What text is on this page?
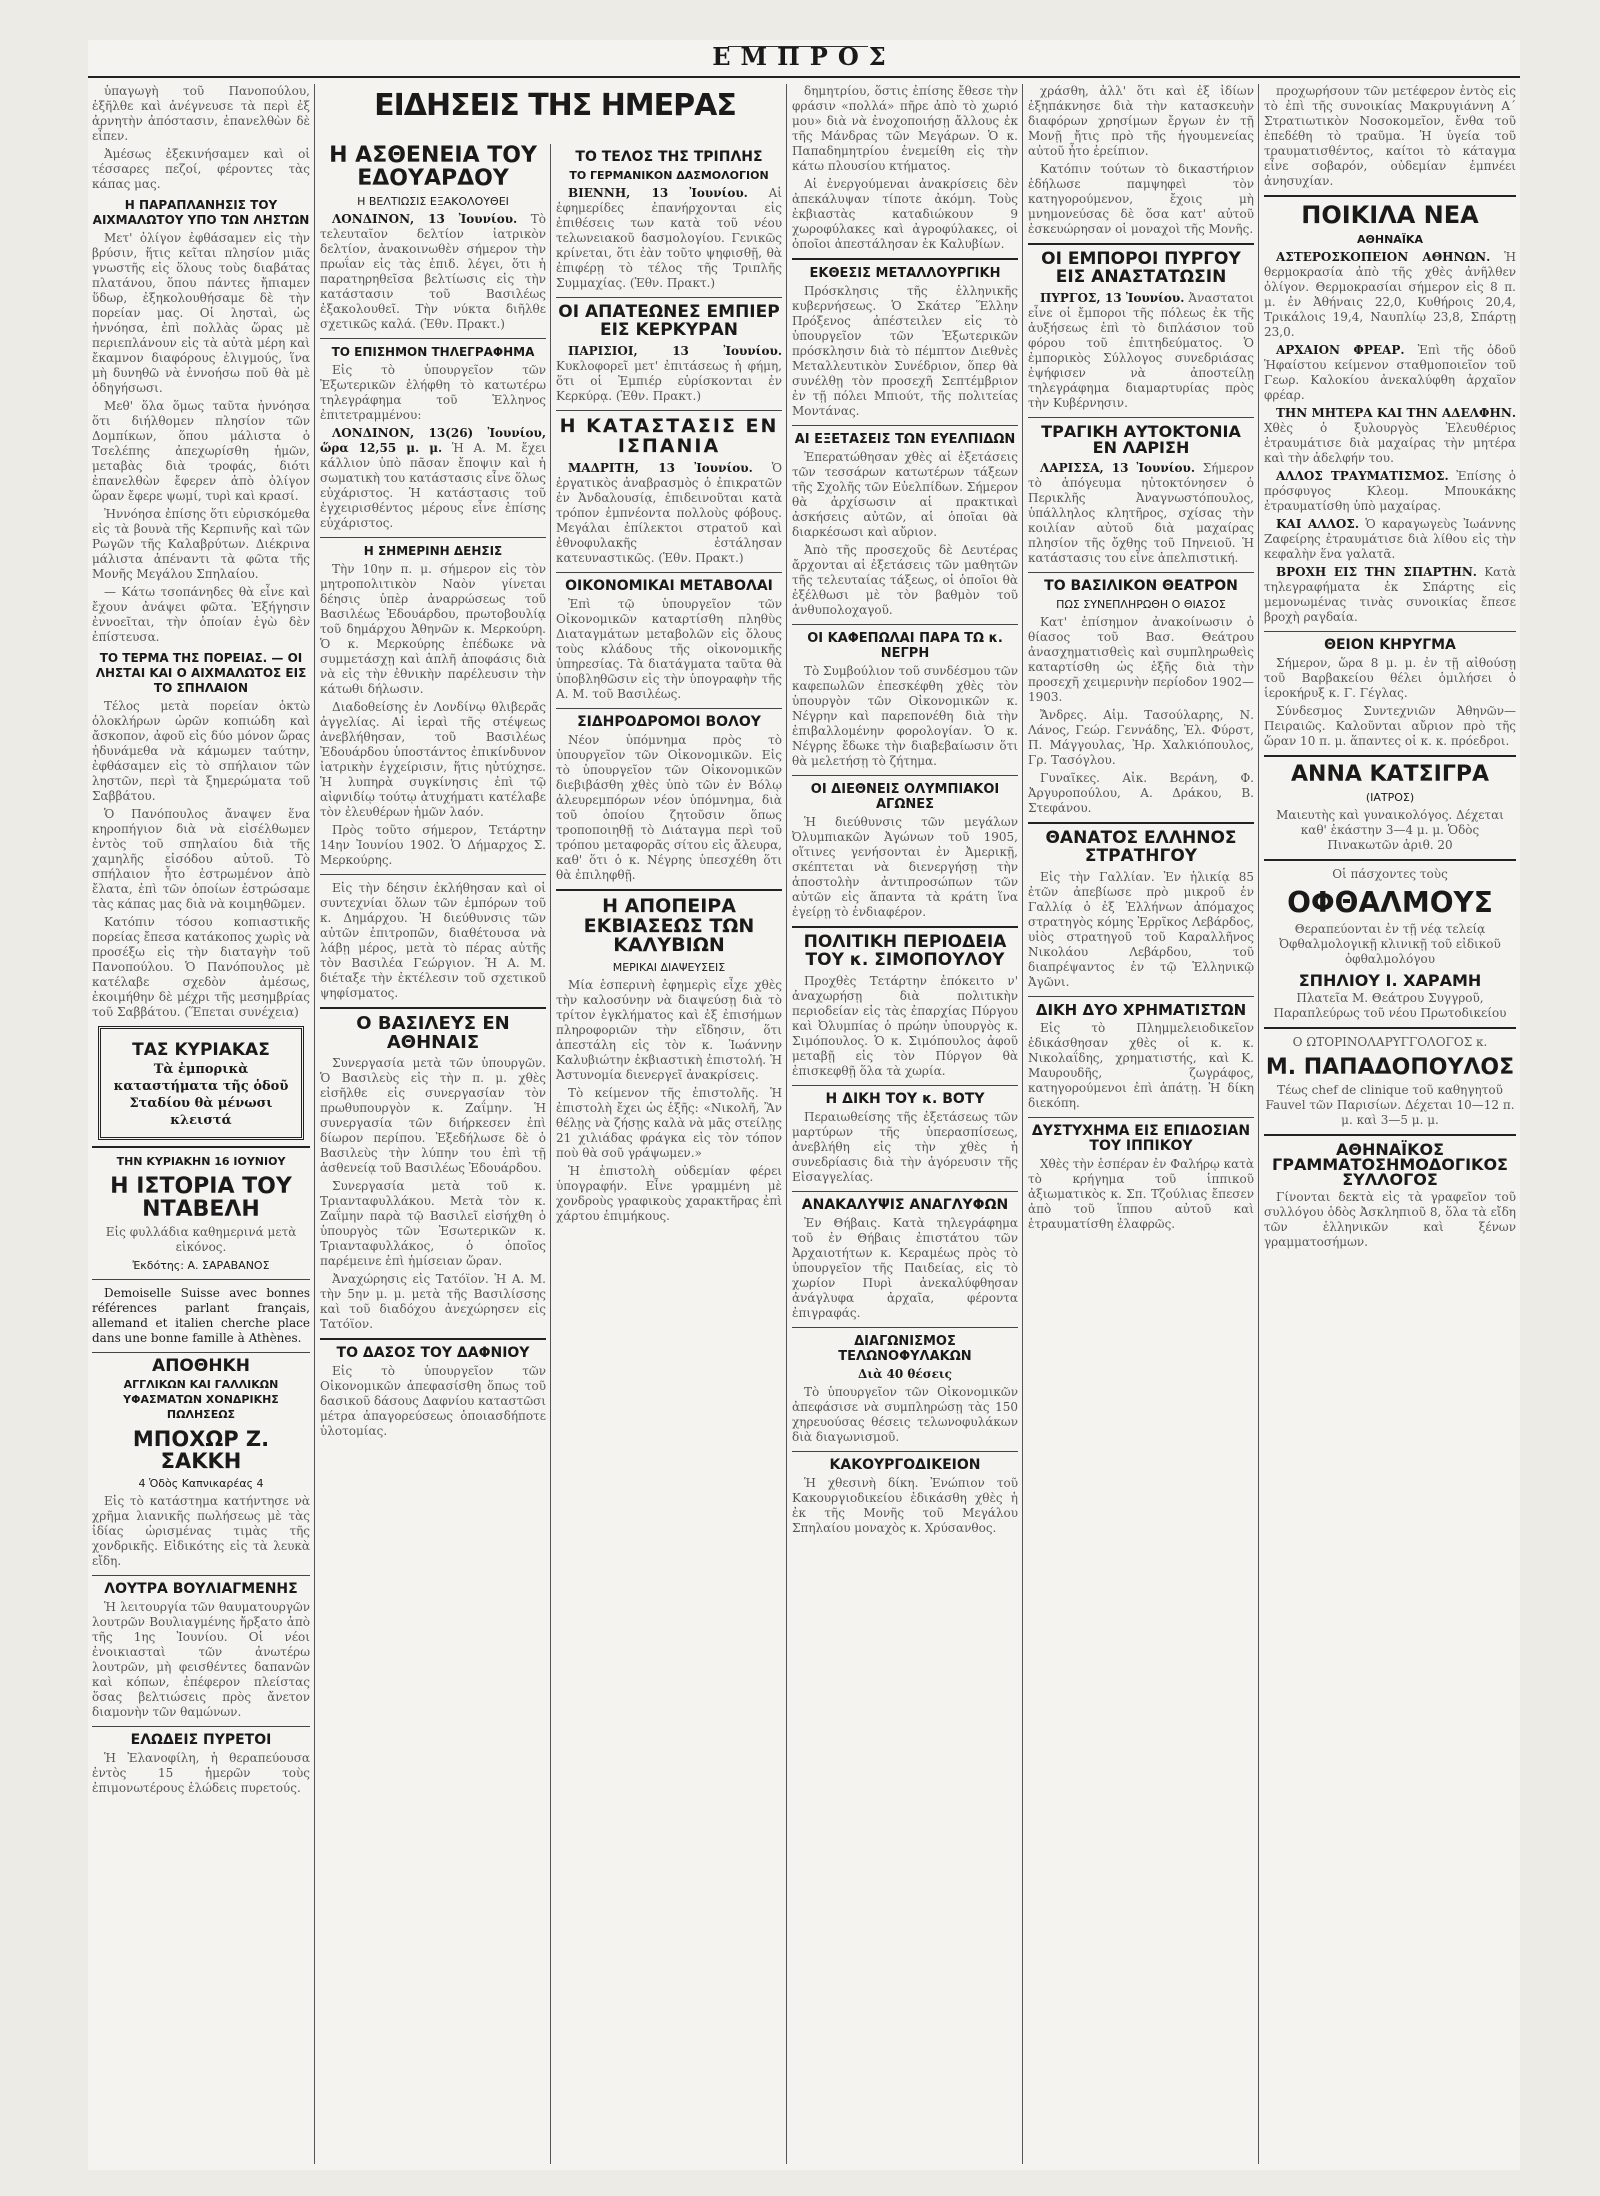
ΕΜΠΡΟΣ

ὑπαγωγὴ τοῦ Πανοπούλου, ἐξῆλθε καὶ ἀνέγνευσε τὰ περὶ ἐξ ἀρνητὴν ἀπόστασιν, ἐπανελθὼν δὲ εἶπεν.

Ἀμέσως ἐξεκινήσαμεν καὶ οἱ τέσσαρες πεζοί, φέροντες τὰς κάπας μας.

Η ΠΑΡΑΠΛΑΝΗΣΙΣ ΤΟΥ ΑΙΧΜΑΛΩΤΟΥ ΥΠΟ ΤΩΝ ΛΗΣΤΩΝ

Μετ' ὀλίγον ἐφθάσαμεν εἰς τὴν βρύσιν, ἥτις κεῖται πλησίον μιᾶς γνωστῆς εἰς ὅλους τοὺς διαβάτας πλατάνου, ὅπου πάντες ἤπιαμεν ὕδωρ, ἐξηκολουθήσαμε δὲ τὴν πορείαν μας. Οἱ λησταὶ, ὡς ἠννόησα, ἐπὶ πολλὰς ὥρας μὲ περιεπλάνουν εἰς τὰ αὐτὰ μέρη καὶ ἔκαμνον διαφόρους ἑλιγμούς, ἵνα μὴ δυνηθῶ νὰ ἐννοήσω ποῦ θὰ μὲ ὁδηγήσωσι.

Μεθ' ὅλα ὅμως ταῦτα ἠννόησα ὅτι διήλθομεν πλησίον τῶν Δομπίκων, ὅπου μάλιστα ὁ Τσελέπης ἀπεχωρίσθη ἡμῶν, μεταβὰς διὰ τροφάς, διότι ἐπανελθὼν ἔφερεν ἀπὸ ὀλίγον ὥραν ἔφερε ψωμί, τυρὶ καὶ κρασί.

Ἠννόησα ἐπίσης ὅτι εὑρισκόμεθα εἰς τὰ βουνὰ τῆς Κερπινῆς καὶ τῶν Ρωγῶν τῆς Καλαβρύτων. Διέκρινα μάλιστα ἀπέναντι τὰ φῶτα τῆς Μονῆς Μεγάλου Σπηλαίου.

— Κάτω τσοπάνηδες θὰ εἶνε καὶ ἔχουν ἀνάψει φῶτα. Ἐξήγησιν ἐννοεῖται, τὴν ὁποίαν ἐγὼ δὲν ἐπίστευσα.

ΤΟ ΤΕΡΜΑ ΤΗΣ ΠΟΡΕΙΑΣ. — ΟΙ ΛΗΣΤΑΙ ΚΑΙ Ο ΑΙΧΜΑΛΩΤΟΣ ΕΙΣ ΤΟ ΣΠΗΛΑΙΟΝ

Τέλος μετὰ πορείαν ὀκτὼ ὁλοκλήρων ὡρῶν κοπιώδη καὶ ἄσκοπον, ἀφοῦ εἰς δύο μόνον ὥρας ἠδυνάμεθα νὰ κάμωμεν ταύτην, ἐφθάσαμεν εἰς τὸ σπήλαιον τῶν ληστῶν, περὶ τὰ ξημερώματα τοῦ Σαββάτου.

Ὁ Πανόπουλος ἄναψεν ἕνα κηροπήγιον διὰ νὰ εἰσέλθωμεν ἐντὸς τοῦ σπηλαίου διὰ τῆς χαμηλῆς εἰσόδου αὐτοῦ. Τὸ σπήλαιον ἦτο ἐστρωμένον ἀπὸ ἔλατα, ἐπὶ τῶν ὁποίων ἐστρώσαμε τὰς κάπας μας διὰ νὰ κοιμηθῶμεν.

Κατόπιν τόσου κοπιαστικῆς πορείας ἔπεσα κατάκοπος χωρὶς νὰ προσέξω εἰς τὴν διαταγὴν τοῦ Πανοπούλου. Ὁ Πανόπουλος μὲ κατέλαβε σχεδὸν ἀμέσως, ἐκοιμήθην δὲ μέχρι τῆς μεσημβρίας τοῦ Σαββάτου. (Ἕπεται συνέχεια)

ΤΑΣ ΚΥΡΙΑΚΑΣ
Τὰ ἐμπορικὰ καταστήματα τῆς ὁδοῦ Σταδίου θὰ μένωσι κλειστά
ΤΗΝ ΚΥΡΙΑΚΗΝ 16 ΙΟΥΝΙΟΥ
Η ΙΣΤΟΡΙΑ ΤΟΥ ΝΤΑΒΕΛΗ

Εἰς φυλλάδια καθημερινά μετὰ εἰκόνος.

Ἐκδότης: Α. ΣΑΡΑΒΑΝΟΣ

Demoiselle Suisse avec bonnes références parlant français, allemand et italien cherche place dans une bonne famille à Athènes.

ΑΠΟΘΗΚΗ
ΑΓΓΛΙΚΩΝ ΚΑΙ ΓΑΛΛΙΚΩΝ ΥΦΑΣΜΑΤΩΝ ΧΟΝΔΡΙΚΗΣ ΠΩΛΗΣΕΩΣ
ΜΠΟΧΩΡ Ζ. ΣΑΚΚΗ
4 Ὁδὸς Καπνικαρέας 4

Εἰς τὸ κατάστημα κατήντησε νὰ χρῆμα λιανικῆς πωλήσεως μὲ τὰς ἰδίας ὡρισμένας τιμὰς τῆς χονδρικῆς. Εἰδικότης εἰς τὰ λευκὰ εἴδη.

ΛΟΥΤΡΑ ΒΟΥΛΙΑΓΜΕΝΗΣ

Ἡ λειτουργία τῶν θαυματουργῶν λουτρῶν Βουλιαγμένης ἤρξατο ἀπὸ τῆς 1ης Ἰουνίου. Οἱ νέοι ἐνοικιασταὶ τῶν ἀνωτέρω λουτρῶν, μὴ φεισθέντες δαπανῶν καὶ κόπων, ἐπέφερον πλείστας ὅσας βελτιώσεις πρὸς ἄνετον διαμονὴν τῶν θαμώνων.

ΕΛΩΔΕΙΣ ΠΥΡΕΤΟΙ

Ἡ Ἐλανοφίλη, ἡ θεραπεύουσα ἐντὸς 15 ἡμερῶν τοὺς ἐπιμονωτέρους ἑλώδεις πυρετούς.

ΕΙΔΗΣΕΙΣ ΤΗΣ ΗΜΕΡΑΣ
Η ΑΣΘΕΝΕΙΑ ΤΟΥ ΕΔΟΥΑΡΔΟΥ
Η ΒΕΛΤΙΩΣΙΣ ΕΞΑΚΟΛΟΥΘΕΙ

ΛΟΝΔΙΝΟΝ, 13 Ἰουνίου. Τὸ τελευταῖον δελτίον ἰατρικὸν δελτίον, ἀνακοινωθὲν σήμερον τὴν πρωΐαν εἰς τὰς ἐπιδ. λέγει, ὅτι ἡ παρατηρηθεῖσα βελτίωσις εἰς τὴν κατάστασιν τοῦ Βασιλέως ἐξακολουθεῖ. Τὴν νύκτα διῆλθε σχετικῶς καλά. (Ἑθν. Πρακτ.)

ΤΟ ΕΠΙΣΗΜΟΝ ΤΗΛΕΓΡΑΦΗΜΑ

Εἰς τὸ ὑπουργεῖον τῶν Ἐξωτερικῶν ἐλήφθη τὸ κατωτέρω τηλεγράφημα τοῦ Ἑλληνος ἐπιτετραμμένου:

ΛΟΝΔΙΝΟΝ, 13(26) Ἰουνίου, ὥρα 12,55 μ. μ. Ἡ Α. Μ. ἔχει κάλλιον ὑπὸ πᾶσαν ἔποψιν καὶ ἡ σωματικὴ του κατάστασις εἶνε ὅλως εὐχάριστος. Ἡ κατάστασις τοῦ ἐγχειρισθέντος μέρους εἶνε ἐπίσης εὐχάριστος.

Η ΣΗΜΕΡΙΝΗ ΔΕΗΣΙΣ

Τὴν 10ην π. μ. σήμερον εἰς τὸν μητροπολιτικὸν Ναὸν γίνεται δέησις ὑπὲρ ἀναρρώσεως τοῦ Βασιλέως Ἐδουάρδου, πρωτοβουλίᾳ τοῦ δημάρχου Ἀθηνῶν κ. Μερκούρη. Ὁ κ. Μερκούρης ἐπέδωκε νὰ συμμετάσχῃ καὶ ἁπλῆ ἀποφάσις διὰ νὰ εἰς τὴν ἐθνικὴν παρέλευσιν τὴν κάτωθι δήλωσιν.

Διαδοθείσης ἐν Λονδίνῳ θλιβερᾶς ἀγγελίας. Αἱ ἱεραὶ τῆς στέψεως ἀνεβλήθησαν, τοῦ Βασιλέως Ἐδουάρδου ὑποστάντος ἐπικίνδυνον ἰατρικὴν ἐγχείρισιν, ἥτις ηὐτύχησε. Ἡ λυπηρὰ συγκίνησις ἐπὶ τῷ αἰφνιδίῳ τούτῳ ἀτυχήματι κατέλαβε τὸν ἐλευθέρων ἡμῶν λαόν.

Πρὸς τοῦτο σήμερον, Τετάρτην 14ην Ἰουνίου 1902. Ὁ Δήμαρχος Σ. Μερκούρης.

Εἰς τὴν δέησιν ἐκλήθησαν καὶ οἱ συντεχνίαι ὅλων τῶν ἐμπόρων τοῦ κ. Δημάρχου. Ἡ διεύθυνσις τῶν αὐτῶν ἐπιτροπῶν, διαθέτουσα νὰ λάβῃ μέρος, μετὰ τὸ πέρας αὐτῆς τὸν Βασιλέα Γεώργιον. Ἡ Α. Μ. διέταξε τὴν ἐκτέλεσιν τοῦ σχετικοῦ ψηφίσματος.

Ο ΒΑΣΙΛΕΥΣ ΕΝ ΑΘΗΝΑΙΣ

Συνεργασία μετὰ τῶν ὑπουργῶν. Ὁ Βασιλεὺς εἰς τὴν π. μ. χθὲς εἰσῆλθε εἰς συνεργασίαν τὸν πρωθυπουργὸν κ. Ζαΐμην. Ἡ συνεργασία τῶν διήρκεσεν ἐπὶ δίωρον περίπου. Ἐξεδήλωσε δὲ ὁ Βασιλεὺς τὴν λύπην του ἐπὶ τῇ ἀσθενείᾳ τοῦ Βασιλέως Ἐδουάρδου.

Συνεργασία μετὰ τοῦ κ. Τριανταφυλλάκου. Μετὰ τὸν κ. Ζαΐμην παρὰ τῷ Βασιλεῖ εἰσήχθη ὁ ὑπουργὸς τῶν Ἐσωτερικῶν κ. Τριανταφυλλάκος, ὁ ὁποῖος παρέμεινε ἐπὶ ἡμίσειαν ὥραν.

Ἀναχώρησις εἰς Τατόϊον. Ἡ Α. Μ. τὴν 5ην μ. μ. μετὰ τῆς Βασιλίσσης καὶ τοῦ διαδόχου ἀνεχώρησεν εἰς Τατόϊον.

ΤΟ ΔΑΣΟΣ ΤΟΥ ΔΑΦΝΙΟΥ

Εἰς τὸ ὑπουργεῖον τῶν Οἰκονομικῶν ἀπεφασίσθη ὅπως τοῦ δασικοῦ δάσους Δαφνίου καταστῶσι μέτρα ἀπαγορεύσεως ὁποιασδήποτε ὑλοτομίας.

ΤΟ ΤΕΛΟΣ ΤΗΣ ΤΡΙΠΛΗΣ
ΤΟ ΓΕΡΜΑΝΙΚΟΝ ΔΑΣΜΟΛΟΓΙΟΝ

ΒΙΕΝΝΗ, 13 Ἰουνίου. Αἱ ἐφημερίδες ἐπανήρχονται εἰς ἐπιθέσεις των κατὰ τοῦ νέου τελωνειακοῦ δασμολογίου. Γενικῶς κρίνεται, ὅτι ἐὰν τοῦτο ψηφισθῇ, θὰ ἐπιφέρῃ τὸ τέλος τῆς Τριπλῆς Συμμαχίας. (Ἑθν. Πρακτ.)

ΟΙ ΑΠΑΤΕΩΝΕΣ ΕΜΠΙΕΡ ΕΙΣ ΚΕΡΚΥΡΑΝ

ΠΑΡΙΣΙΟΙ, 13 Ἰουνίου. Κυκλοφορεῖ μετ' ἐπιτάσεως ἡ φήμη, ὅτι οἱ Ἐμπιέρ εὑρίσκονται ἐν Κερκύρᾳ. (Ἑθν. Πρακτ.)

Η ΚΑΤΑΣΤΑΣΙΣ ΕΝ ΙΣΠΑΝΙΑ

ΜΑΔΡΙΤΗ, 13 Ἰουνίου. Ὁ ἐργατικὸς ἀναβρασμὸς ὁ ἐπικρατῶν ἐν Ἀνδαλουσίᾳ, ἐπιδεινοῦται κατὰ τρόπον ἐμπνέοντα πολλοὺς φόβους. Μεγάλαι ἐπίλεκτοι στρατοῦ καὶ ἐθνοφυλακῆς ἐστάλησαν κατευναστικῶς. (Ἑθν. Πρακτ.)

ΟΙΚΟΝΟΜΙΚΑΙ ΜΕΤΑΒΟΛΑΙ

Ἐπὶ τῷ ὑπουργεῖον τῶν Οἰκονομικῶν καταρτίσθη πληθὺς Διαταγμάτων μεταβολῶν εἰς ὅλους τοὺς κλάδους τῆς οἰκονομικῆς ὑπηρεσίας. Τὰ διατάγματα ταῦτα θὰ ὑποβληθῶσιν εἰς τὴν ὑπογραφὴν τῆς Α. Μ. τοῦ Βασιλέως.

ΣΙΔΗΡΟΔΡΟΜΟΙ ΒΟΛΟΥ

Νέον ὑπόμνημα πρὸς τὸ ὑπουργεῖον τῶν Οἰκονομικῶν. Εἰς τὸ ὑπουργεῖον τῶν Οἰκονομικῶν διεβιβάσθη χθὲς ὑπὸ τῶν ἐν Βόλῳ ἀλευρεμπόρων νέον ὑπόμνημα, διὰ τοῦ ὁποίου ζητοῦσιν ὅπως τροποποιηθῇ τὸ Διάταγμα περὶ τοῦ τρόπου μεταφορᾶς σίτου εἰς ἄλευρα, καθ' ὅτι ὁ κ. Νέγρης ὑπεσχέθη ὅτι θὰ ἐπιληφθῇ.

Η ΑΠΟΠΕΙΡΑ ΕΚΒΙΑΣΕΩΣ ΤΩΝ ΚΑΛΥΒΙΩΝ
ΜΕΡΙΚΑΙ ΔΙΑΨΕΥΣΕΙΣ

Μία ἑσπερινὴ ἐφημερὶς εἶχε χθὲς τὴν καλοσύνην νὰ διαψεύσῃ διὰ τὸ τρίτον ἐγκλήματος καὶ ἐξ ἐπισήμων πληροφοριῶν τὴν εἴδησιν, ὅτι ἀπεστάλη εἰς τὸν κ. Ἰωάννην Καλυβιώτην ἐκβιαστικὴ ἐπιστολή. Ἡ Ἀστυνομία διενεργεῖ ἀνακρίσεις.

Τὸ κείμενον τῆς ἐπιστολῆς. Ἡ ἐπιστολὴ ἔχει ὡς ἑξῆς: «Νικολῆ, Ἂν θέλῃς νὰ ζήσῃς καλὰ νὰ μᾶς στείλῃς 21 χιλιάδας φράγκα εἰς τὸν τόπον ποὺ θὰ σοῦ γράψωμεν.»

Ἡ ἐπιστολὴ οὐδεμίαν φέρει ὑπογραφήν. Εἶνε γραμμένη μὲ χονδροὺς γραφικοὺς χαρακτῆρας ἐπὶ χάρτου ἐπιμήκους.

δημητρίου, ὅστις ἐπίσης ἔθεσε τὴν φράσιν «πολλά» πῆρε ἀπὸ τὸ χωριό μου» διὰ νὰ ἐνοχοποιήσῃ ἄλλους ἐκ τῆς Μάνδρας τῶν Μεγάρων. Ὁ κ. Παπαδημητρίου ἐνεμείθη εἰς τὴν κάτω πλουσίου κτήματος.

Αἱ ἐνεργούμεναι ἀνακρίσεις δὲν ἀπεκάλυψαν τίποτε ἀκόμη. Τοὺς ἐκβιαστὰς καταδιώκουν 9 χωροφύλακες καὶ ἀγροφύλακες, οἱ ὁποῖοι ἀπεστάλησαν ἐκ Καλυβίων.

ΕΚΘΕΣΙΣ ΜΕΤΑΛΛΟΥΡΓΙΚΗ

Πρόσκλησις τῆς ἑλληνικῆς κυβερνήσεως. Ὁ Σκάτερ Ἕλλην Πρόξενος ἀπέστειλεν εἰς τὸ ὑπουργεῖον τῶν Ἐξωτερικῶν πρόσκλησιν διὰ τὸ πέμπτον Διεθνὲς Μεταλλευτικὸν Συνέδριον, ὅπερ θὰ συνέλθῃ τὸν προσεχῆ Σεπτέμβριον ἐν τῇ πόλει Μπιούτ, τῆς πολιτείας Μοντάνας.

ΑΙ ΕΞΕΤΑΣΕΙΣ ΤΩΝ ΕΥΕΛΠΙΔΩΝ

Ἐπερατώθησαν χθὲς αἱ ἐξετάσεις τῶν τεσσάρων κατωτέρων τάξεων τῆς Σχολῆς τῶν Εὐελπίδων. Σήμερον θὰ ἀρχίσωσιν αἱ πρακτικαὶ ἀσκήσεις αὐτῶν, αἱ ὁποῖαι θὰ διαρκέσωσι καὶ αὔριον.

Ἀπὸ τῆς προσεχοῦς δὲ Δευτέρας ἄρχονται αἱ ἐξετάσεις τῶν μαθητῶν τῆς τελευταίας τάξεως, οἱ ὁποῖοι θὰ ἐξέλθωσι μὲ τὸν βαθμὸν τοῦ ἀνθυπολοχαγοῦ.

ΟΙ ΚΑΦΕΠΩΛΑΙ ΠΑΡΑ ΤΩ κ. ΝΕΓΡΗ

Τὸ Συμβούλιον τοῦ συνδέσμου τῶν καφεπωλῶν ἐπεσκέφθη χθὲς τὸν ὑπουργὸν τῶν Οἰκονομικῶν κ. Νέγρην καὶ παρεπονέθη διὰ τὴν ἐπιβαλλομένην φορολογίαν. Ὁ κ. Νέγρης ἔδωκε τὴν διαβεβαίωσιν ὅτι θὰ μελετήσῃ τὸ ζήτημα.

ΟΙ ΔΙΕΘΝΕΙΣ ΟΛΥΜΠΙΑΚΟΙ ΑΓΩΝΕΣ

Ἡ διεύθυνσις τῶν μεγάλων Ὀλυμπιακῶν Ἀγώνων τοῦ 1905, οἵτινες γενήσονται ἐν Ἀμερικῇ, σκέπτεται νὰ διενεργήσῃ τὴν ἀποστολὴν ἀντιπροσώπων τῶν αὐτῶν εἰς ἅπαντα τὰ κράτη ἵνα ἐγείρῃ τὸ ἐνδιαφέρον.

ΠΟΛΙΤΙΚΗ ΠΕΡΙΟΔΕΙΑ ΤΟΥ κ. ΣΙΜΟΠΟΥΛΟΥ

Προχθὲς Τετάρτην ἐπόκειτο ν' ἀναχωρήσῃ διὰ πολιτικὴν περιοδείαν εἰς τὰς ἐπαρχίας Πύργου καὶ Ὀλυμπίας ὁ πρώην ὑπουργὸς κ. Σιμόπουλος. Ὁ κ. Σιμόπουλος ἀφοῦ μεταβῇ εἰς τὸν Πύργον θὰ ἐπισκεφθῇ ὅλα τὰ χωρία.

Η ΔΙΚΗ ΤΟΥ κ. ΒΟΤΥ

Περαιωθείσης τῆς ἐξετάσεως τῶν μαρτύρων τῆς ὑπερασπίσεως, ἀνεβλήθη εἰς τὴν χθὲς ἡ συνεδρίασις διὰ τὴν ἀγόρευσιν τῆς Εἰσαγγελίας.

ΑΝΑΚΑΛΥΨΙΣ ΑΝΑΓΛΥΦΩΝ

Ἐν Θήβαις. Κατὰ τηλεγράφημα τοῦ ἐν Θήβαις ἐπιστάτου τῶν Ἀρχαιοτήτων κ. Κεραμέως πρὸς τὸ ὑπουργεῖον τῆς Παιδείας, εἰς τὸ χωρίον Πυρὶ ἀνεκαλύφθησαν ἀνάγλυφα ἀρχαῖα, φέροντα ἐπιγραφάς.

ΔΙΑΓΩΝΙΣΜΟΣ ΤΕΛΩΝΟΦΥΛΑΚΩΝ

Διὰ 40 θέσεις

Τὸ ὑπουργεῖον τῶν Οἰκονομικῶν ἀπεφάσισε νὰ συμπληρώσῃ τὰς 150 χηρευούσας θέσεις τελωνοφυλάκων διὰ διαγωνισμοῦ.

ΚΑΚΟΥΡΓΟΔΙΚΕΙΟΝ

Ἡ χθεσινὴ δίκη. Ἐνώπιον τοῦ Κακουργιοδικείου ἐδικάσθη χθὲς ἡ ἐκ τῆς Μονῆς τοῦ Μεγάλου Σπηλαίου μοναχὸς κ. Χρύσανθος.

χράσθη, ἀλλ' ὅτι καὶ ἐξ ἰδίων ἐξηπάκνησε διὰ τὴν κατασκευὴν διαφόρων χρησίμων ἔργων ἐν τῇ Μονῇ ἤτις πρὸ τῆς ἡγουμενείας αὐτοῦ ἦτο ἐρείπιον.

Κατόπιν τούτων τὸ δικαστήριον ἐδήλωσε παμψηφεὶ τὸν κατηγορούμενον, ἔχοις μὴ μνημονεύσας δὲ ὅσα κατ' αὐτοῦ ἐσκευώρησαν οἱ μοναχοὶ τῆς Μονῆς.

ΟΙ ΕΜΠΟΡΟΙ ΠΥΡΓΟΥ ΕΙΣ ΑΝΑΣΤΑΤΩΣΙΝ

ΠΥΡΓΟΣ, 13 Ἰουνίου. Ἀναστατοι εἶνε οἱ ἔμποροι τῆς πόλεως ἐκ τῆς ἀυξήσεως ἐπὶ τὸ διπλάσιον τοῦ φόρου τοῦ ἐπιτηδεύματος. Ὁ ἐμπορικὸς Σύλλογος συνεδριάσας ἐψήφισεν νὰ ἀποστείλῃ τηλεγράφημα διαμαρτυρίας πρὸς τὴν Κυβέρνησιν.

ΤΡΑΓΙΚΗ ΑΥΤΟΚΤΟΝΙΑ ΕΝ ΛΑΡΙΣΗ

ΛΑΡΙΣΣΑ, 13 Ἰουνίου. Σήμερον τὸ ἀπόγευμα ηὐτοκτόνησεν ὁ Περικλῆς Ἀναγνωστόπουλος, ὑπάλληλος κλητῆρος, σχίσας τὴν κοιλίαν αὐτοῦ διὰ μαχαίρας πλησίον τῆς ὄχθης τοῦ Πηνειοῦ. Ἡ κατάστασις του εἶνε ἀπελπιστική.

ΤΟ ΒΑΣΙΛΙΚΟΝ ΘΕΑΤΡΟΝ
ΠΩΣ ΣΥΝΕΠΛΗΡΩΘΗ Ο ΘΙΑΣΟΣ

Κατ' ἐπίσημον ἀνακοίνωσιν ὁ θίασος τοῦ Βασ. Θεάτρου ἀνασχηματισθεὶς καὶ συμπληρωθεὶς καταρτίσθη ὡς ἑξῆς διὰ τὴν προσεχῆ χειμερινὴν περίοδον 1902—1903.

Ἄνδρες. Αἰμ. Τασούλαρης, Ν. Λάνος, Γεώρ. Γεννάδης, Ἐλ. Φύρστ, Π. Μάγγουλας, Ἠρ. Χαλκιόπουλος, Γρ. Τασόγλου.

Γυναῖκες. Αἰκ. Βεράνη, Φ. Ἀργυροπούλου, Α. Δράκου, Β. Στεφάνου.

ΘΑΝΑΤΟΣ ΕΛΛΗΝΟΣ ΣΤΡΑΤΗΓΟΥ

Εἰς τὴν Γαλλίαν. Ἐν ἡλικίᾳ 85 ἐτῶν ἀπεβίωσε πρὸ μικροῦ ἐν Γαλλίᾳ ὁ ἐξ Ἑλλήνων ἀπόμαχος στρατηγὸς κόμης Ἐρρῖκος Λεβάρδος, υἱὸς στρατηγοῦ τοῦ Καραλλῆνος Νικολάου Λεβάρδου, τοῦ διαπρέψαντος ἐν τῷ Ἑλληνικῷ Ἀγῶνι.

ΔΙΚΗ ΔΥΟ ΧΡΗΜΑΤΙΣΤΩΝ

Εἰς τὸ Πλημμελειοδικεῖον ἐδικάσθησαν χθὲς οἱ κ. κ. Νικολαΐδης, χρηματιστής, καὶ Κ. Μαυρουδῆς, ζωγράφος, κατηγορούμενοι ἐπὶ ἀπάτῃ. Ἡ δίκη διεκόπη.

ΔΥΣΤΥΧΗΜΑ ΕΙΣ ΕΠΙΔΟΣΙΑΝ ΤΟΥ ΙΠΠΙΚΟΥ

Χθὲς τὴν ἑσπέραν ἐν Φαλήρῳ κατὰ τὸ κρήγημα τοῦ ἱππικοῦ ἀξιωματικὸς κ. Σπ. Τζούλιας ἔπεσεν ἀπὸ τοῦ ἵππου αὐτοῦ καὶ ἐτραυματίσθη ἐλαφρῶς.

προχωρήσουν τῶν μετέφερον ἐντὸς εἰς τὸ ἐπὶ τῆς συνοικίας Μακρυγιάννη Α΄ Στρατιωτικὸν Νοσοκομεῖον, ἔνθα τοῦ ἐπεδέθη τὸ τραῦμα. Ἡ ὑγεία τοῦ τραυματισθέντος, καίτοι τὸ κάταγμα εἶνε σοβαρόν, οὐδεμίαν ἐμπνέει ἀνησυχίαν.

ΠΟΙΚΙΛΑ ΝΕΑ
ΑΘΗΝΑΪΚΑ

ΑΣΤΕΡΟΣΚΟΠΕΙΟΝ ΑΘΗΝΩΝ. Ἡ θερμοκρασία ἀπὸ τῆς χθὲς ἀνῆλθεν ὀλίγον. Θερμοκρασίαι σήμερον εἰς 8 π. μ. ἐν Ἀθήναις 22,0, Κυθήροις 20,4, Τρικάλοις 19,4, Ναυπλίῳ 23,8, Σπάρτῃ 23,0.

ΑΡΧΑΙΟΝ ΦΡΕΑΡ. Ἐπὶ τῆς ὁδοῦ Ἡφαίστου κείμενον σταθμοποιεῖον τοῦ Γεωρ. Καλοκίου ἀνεκαλύφθη ἀρχαῖον φρέαρ.

ΤΗΝ ΜΗΤΕΡΑ ΚΑΙ ΤΗΝ ΑΔΕΛΦΗΝ. Χθὲς ὁ ξυλουργὸς Ἐλευθέριος ἐτραυμάτισε διὰ μαχαίρας τὴν μητέρα καὶ τὴν ἀδελφήν του.

ΑΛΛΟΣ ΤΡΑΥΜΑΤΙΣΜΟΣ. Ἐπίσης ὁ πρόσφυγος Κλεομ. Μπουκάκης ἐτραυματίσθη ὑπὸ μαχαίρας.

ΚΑΙ ΑΛΛΟΣ. Ὁ καραγωγεὺς Ἰωάννης Ζαφείρης ἐτραυμάτισε διὰ λίθου εἰς τὴν κεφαλὴν ἕνα γαλατᾶ.

ΒΡΟΧΗ ΕΙΣ ΤΗΝ ΣΠΑΡΤΗΝ. Κατὰ τηλεγραφήματα ἐκ Σπάρτης εἰς μεμονωμένας τινὰς συνοικίας ἔπεσε βροχὴ ραγδαία.

ΘΕΙΟΝ ΚΗΡΥΓΜΑ

Σήμερον, ὥρα 8 μ. μ. ἐν τῇ αἰθούσῃ τοῦ Βαρβακείου θέλει ὁμιλήσει ὁ ἱεροκήρυξ κ. Γ. Γέγλας.

Σύνδεσμος Συντεχνιῶν Ἀθηνῶν—Πειραιῶς. Καλοῦνται αὔριον πρὸ τῆς ὥραν 10 π. μ. ἅπαντες οἱ κ. κ. πρόεδροι.

ΑΝΝΑ ΚΑΤΣΙΓΡΑ
(ΙΑΤΡΟΣ)

Μαιευτὴς καὶ γυναικολόγος. Δέχεται καθ' ἑκάστην 3—4 μ. μ. Ὁδὸς Πινακωτῶν ἀριθ. 20

Οἱ πάσχοντες τοὺς

ΟΦΘΑΛΜΟΥΣ

Θεραπεύονται ἐν τῇ νέᾳ τελείᾳ Ὀφθαλμολογικῇ κλινικῇ τοῦ εἰδικοῦ ὀφθαλμολόγου

ΣΠΗΛΙΟΥ Ι. ΧΑΡΑΜΗ

Πλατεῖα Μ. Θεάτρου Συγγροῦ, Παραπλεύρως τοῦ νέου Πρωτοδικείου

Ο ΩΤΟΡΙΝΟΛΑΡΥΓΓΟΛΟΓΟΣ κ.

Μ. ΠΑΠΑΔΟΠΟΥΛΟΣ

Τέως chef de clinique τοῦ καθηγητοῦ Fauvel τῶν Παρισίων. Δέχεται 10—12 π. μ. καὶ 3—5 μ. μ.

ΑΘΗΝΑΪΚΟΣ ΓΡΑΜΜΑΤΟΣΗΜΟΔΟΓΙΚΟΣ ΣΥΛΛΟΓΟΣ

Γίνονται δεκτὰ εἰς τὰ γραφεῖον τοῦ συλλόγου ὁδὸς Ἀσκληπιοῦ 8, ὅλα τὰ εἴδη τῶν ἑλληνικῶν καὶ ξένων γραμματοσήμων.
